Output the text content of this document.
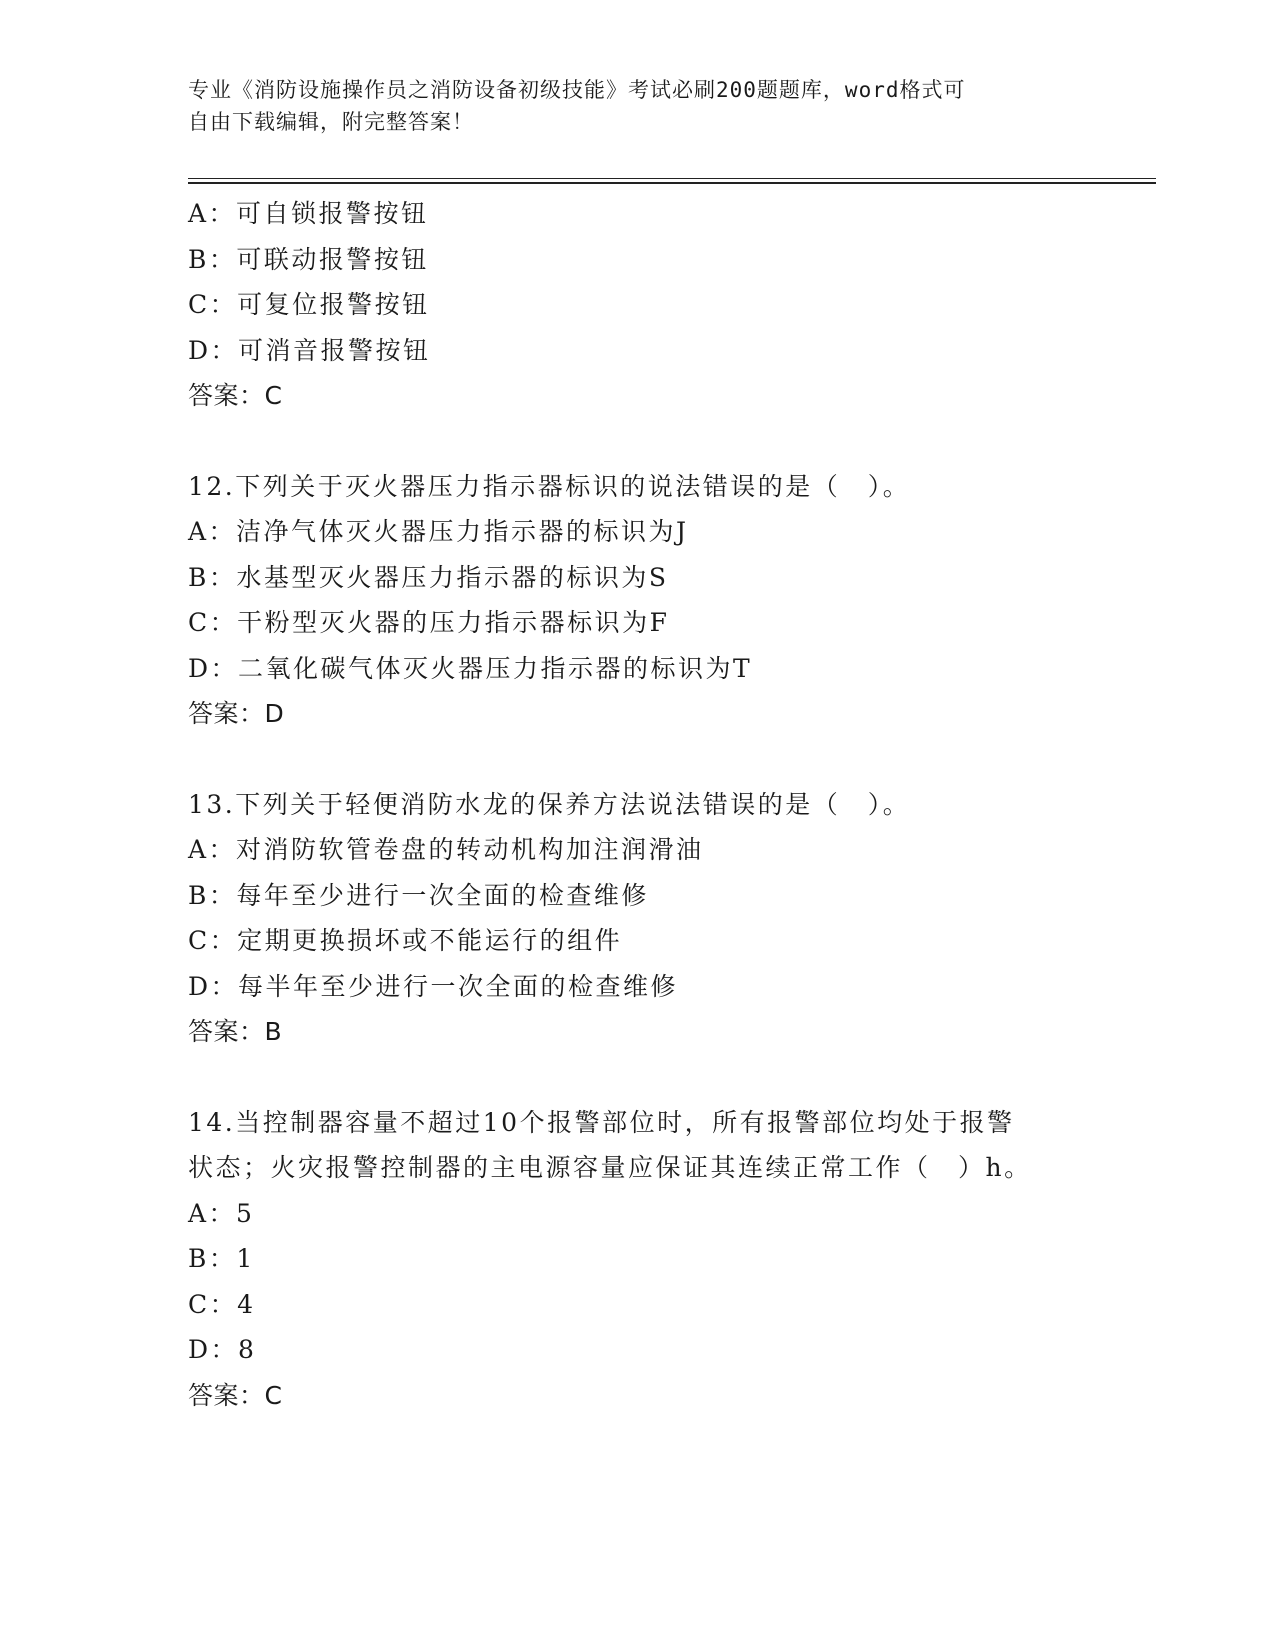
专业《消防设施操作员之消防设备初级技能》考试必刷200题题库，word格式可
自由下载编辑，附完整答案！
A：可自锁报警按钮
B：可联动报警按钮
C：可复位报警按钮
D：可消音报警按钮
答案：C
12.下列关于灭火器压力指示器标识的说法错误的是（　）。
A：洁净气体灭火器压力指示器的标识为J
B：水基型灭火器压力指示器的标识为S
C：干粉型灭火器的压力指示器标识为F
D：二氧化碳气体灭火器压力指示器的标识为T
答案：D
13.下列关于轻便消防水龙的保养方法说法错误的是（　）。
A：对消防软管卷盘的转动机构加注润滑油
B：每年至少进行一次全面的检查维修
C：定期更换损坏或不能运行的组件
D：每半年至少进行一次全面的检查维修
答案：B
14.当控制器容量不超过10个报警部位时，所有报警部位均处于报警
状态；火灾报警控制器的主电源容量应保证其连续正常工作（　）h。
A：5
B：1
C：4
D：8
答案：C
